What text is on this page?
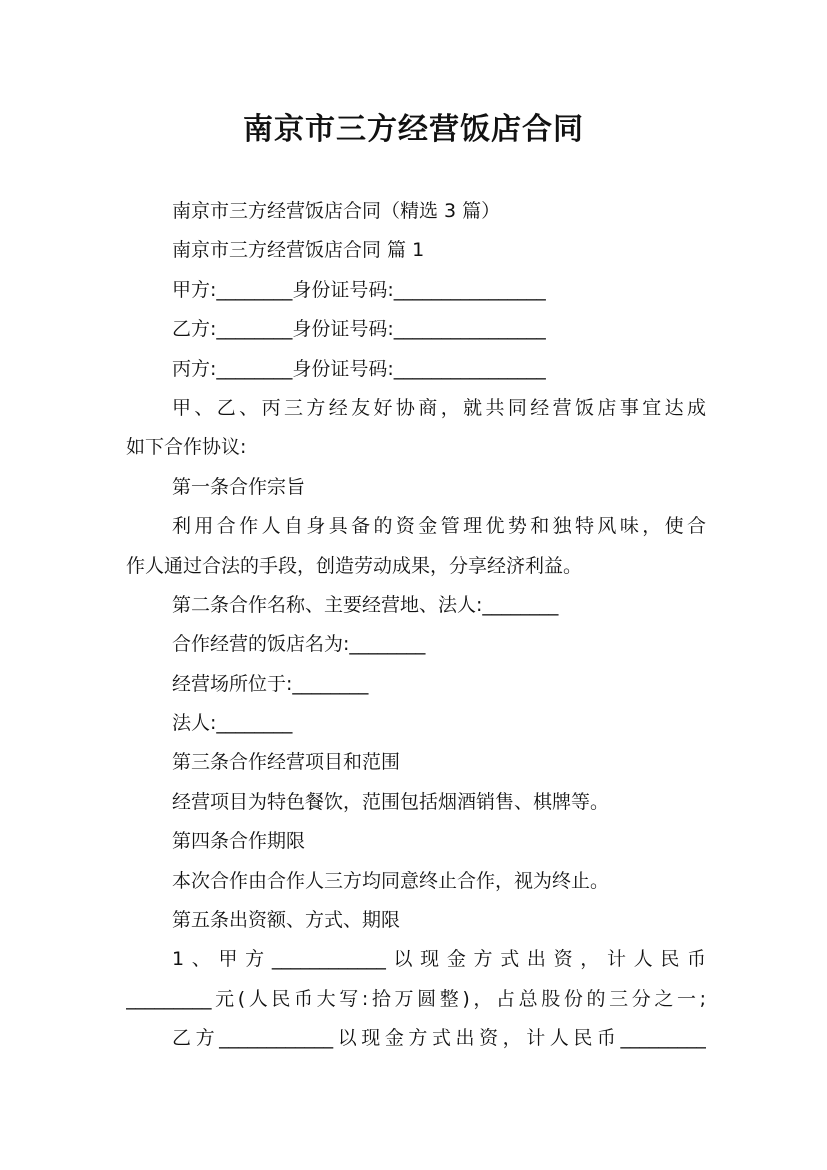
南京市三方经营饭店合同
南京市三方经营饭店合同（精选 3 篇）
南京市三方经营饭店合同 篇 1
甲方:________身份证号码:________________
乙方:________身份证号码:________________
丙方:________身份证号码:________________
甲、乙、丙三方经友好协商，就共同经营饭店事宜达成
如下合作协议:
第一条合作宗旨
利用合作人自身具备的资金管理优势和独特风味，使合
作人通过合法的手段，创造劳动成果，分享经济利益。
第二条合作名称、主要经营地、法人:________
合作经营的饭店名为:________
经营场所位于:________
法人:________
第三条合作经营项目和范围
经营项目为特色餐饮，范围包括烟酒销售、棋牌等。
第四条合作期限
本次合作由合作人三方均同意终止合作，视为终止。
第五条出资额、方式、期限
1、甲方____________以现金方式出资，计人民币
_________元(人民币大写:拾万圆整)，占总股份的三分之一;
乙方____________以现金方式出资，计人民币_________
